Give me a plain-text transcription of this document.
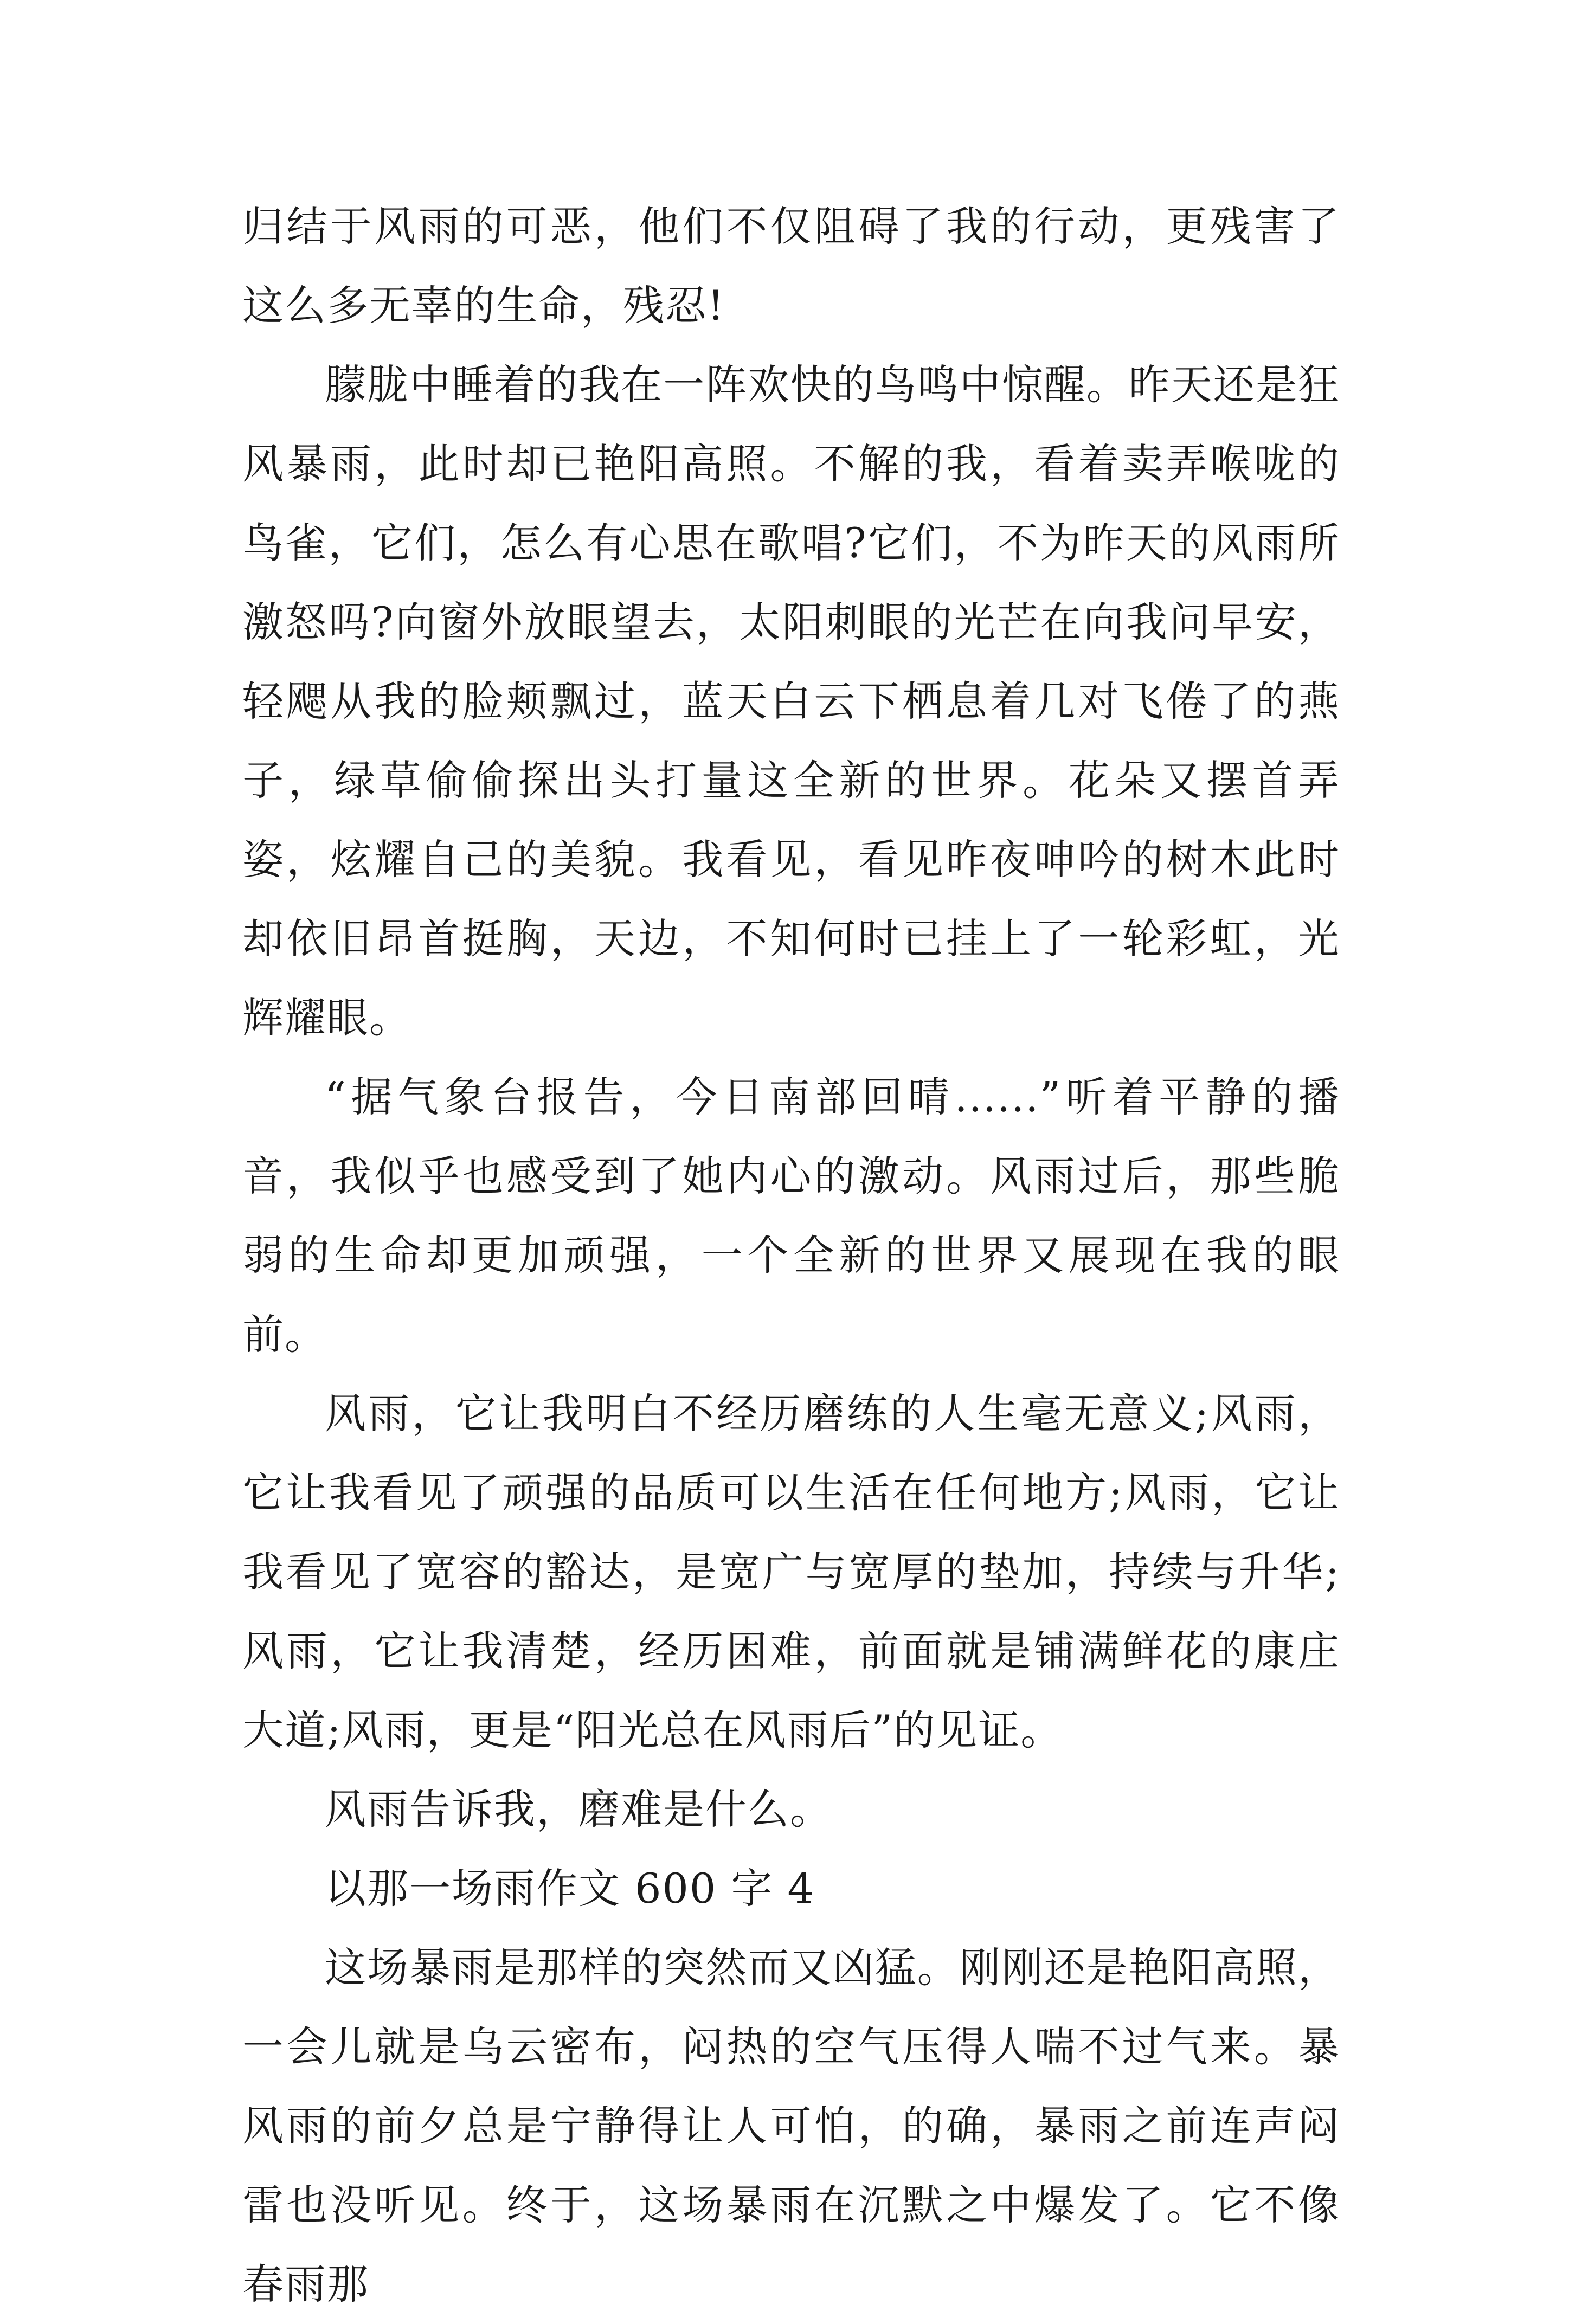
归结于风雨的可恶，他们不仅阻碍了我的行动，更残害了这么多无辜的生命，残忍!

朦胧中睡着的我在一阵欢快的鸟鸣中惊醒。昨天还是狂风暴雨，此时却已艳阳高照。不解的我，看着卖弄喉咙的鸟雀，它们，怎么有心思在歌唱?它们，不为昨天的风雨所激怒吗?向窗外放眼望去，太阳刺眼的光芒在向我问早安，轻飔从我的脸颊飘过，蓝天白云下栖息着几对飞倦了的燕子，绿草偷偷探出头打量这全新的世界。花朵又摆首弄姿，炫耀自己的美貌。我看见，看见昨夜呻吟的树木此时却依旧昂首挺胸，天边，不知何时已挂上了一轮彩虹，光辉耀眼。

“据气象台报告，今日南部回晴......”听着平静的播音，我似乎也感受到了她内心的激动。风雨过后，那些脆弱的生命却更加顽强，一个全新的世界又展现在我的眼前。

风雨，它让我明白不经历磨练的人生毫无意义;风雨，它让我看见了顽强的品质可以生活在任何地方;风雨，它让我看见了宽容的豁达，是宽广与宽厚的垫加，持续与升华;风雨，它让我清楚，经历困难，前面就是铺满鲜花的康庄大道;风雨，更是“阳光总在风雨后”的见证。

风雨告诉我，磨难是什么。

以那一场雨作文 600 字 4

这场暴雨是那样的突然而又凶猛。刚刚还是艳阳高照，一会儿就是乌云密布，闷热的空气压得人喘不过气来。暴风雨的前夕总是宁静得让人可怕，的确，暴雨之前连声闷雷也没听见。终于，这场暴雨在沉默之中爆发了。它不像春雨那
